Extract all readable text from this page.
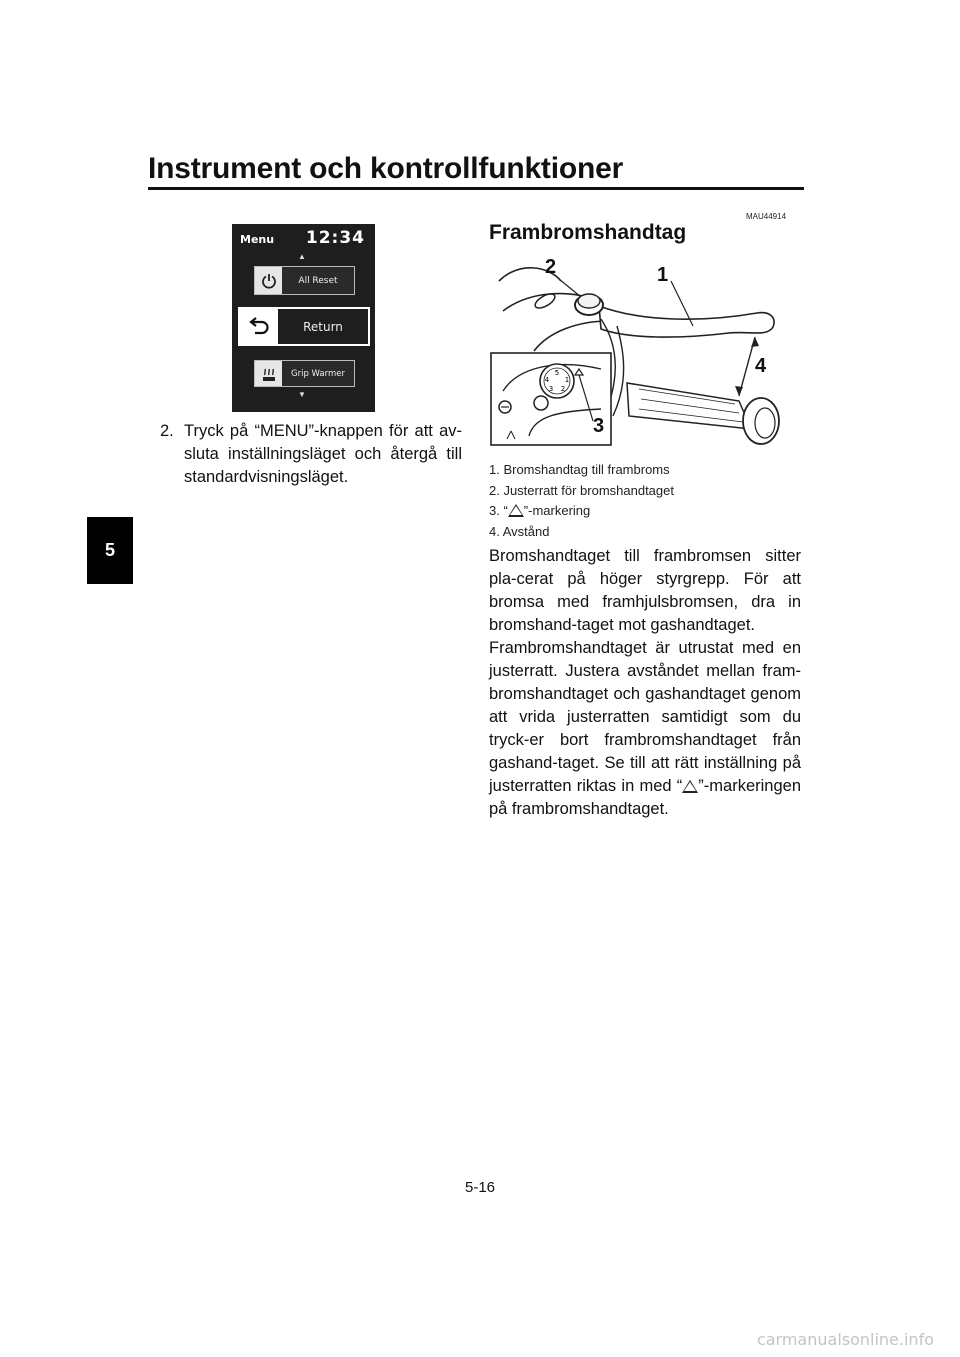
Instrument och kontrollfunktioner
5
Menu 12:34
▲
All Reset
Return
Grip Warmer
▼
2. Tryck på “MENU”-knappen för att av-sluta inställningsläget och återgå till standardvisningsläget.
MAU44914
Frambromshandtag
5
4 1
3 2
1
2
3
4
1. Bromshandtag till frambroms
2. Justerratt för bromshandtaget
3. “ ”-markering
4. Avstånd

Bromshandtaget till frambromsen sitter pla-cerat på höger styrgrepp. För att bromsa med framhjulsbromsen, dra in bromshand-taget mot gashandtaget.

Frambromshandtaget är utrustat med en justerratt. Justera avståndet mellan fram-bromshandtaget och gashandtaget genom att vrida justerratten samtidigt som du tryck-er bort frambromshandtaget från gashand-taget. Se till att rätt inställning på justerratten riktas in med “ ”-markeringen på frambromshandtaget.

5-16
carmanualsonline.info
